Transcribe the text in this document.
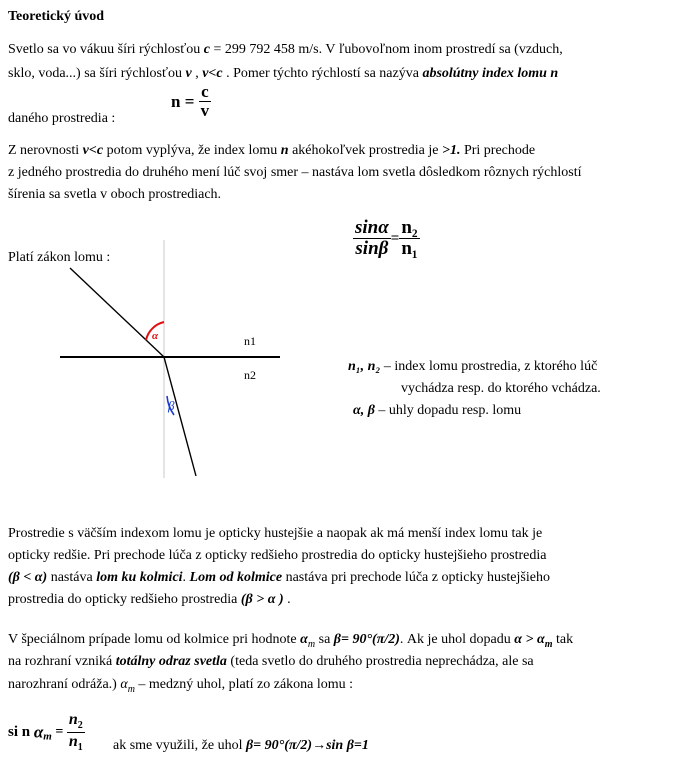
Teoretický úvod
Svetlo sa vo vákuu šíri rýchlosťou c = 299 792 458 m/s. V ľubovoľnom inom prostredí sa (vzduch,
sklo, voda...) sa šíri rýchlosťou v , v<c . Pomer týchto rýchlostí sa nazýva absolútny index lomu n
daného prostredia :
$n = \frac{c}{v}$
Z nerovnosti v<c potom vyplýva, že index lomu n akéhokoľvek prostredia je >1. Pri prechode
z jedného prostredia do druhého mení lúč svoj smer – nastáva lom svetla dôsledkom rôznych rýchlostí
šírenia sa svetla v oboch prostrediach.
Platí zákon lomu :	$\frac{\sin\alpha}{\sin\beta} = \frac{\text{n₂}}{\text{n₁}}$
α
β
n1
n2
n₁, n₂ – index lomu prostredia, z ktorého lúč
vychádza resp. do ktorého vchádza.
α, β – uhly dopadu resp. lomu
Prostredie s väčším indexom lomu je opticky hustejšie a naopak ak má menší index lomu tak je
opticky redšie. Pri prechode lúča z opticky redšieho prostredia do opticky hustejšieho prostredia
(β < α) nastáva lom ku kolmici. Lom od kolmice nastáva pri prechode lúča z opticky hustejšieho
prostredia do opticky redšieho prostredia (β > α ) .
V špeciálnom prípade lomu od kolmice pri hodnote $\alpha_m$ sa β= 90°(π/2). Ak je uhol dopadu $\alpha > \alpha_m$ tak
na rozhraní vzniká totálny odraz svetla (teda svetlo do druhého prostredia neprechádza, ale sa
narozhraní odráža.) $\alpha_m$ – medzný uhol, platí zo zákona lomu :
si n $\alpha_m = \frac{n_2}{n_1}$ ak sme využili, že uhol β= 90°(π/2)→sin β=1
